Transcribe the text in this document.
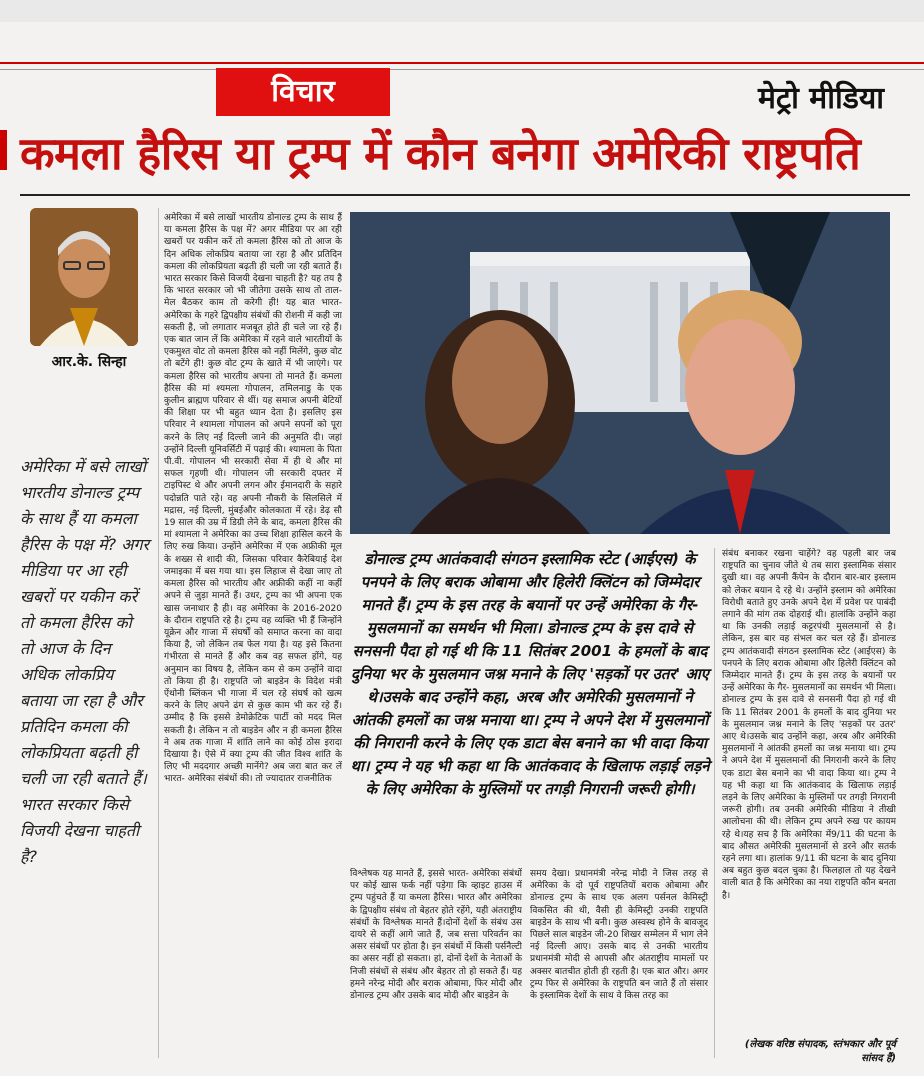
विचार	मेट्रो मीडिया
कमला हैरिस या ट्रम्प में कौन बनेगा अमेरिकी राष्ट्रपति
आर.के. सिन्हा
अमेरिका में बसे लाखों भारतीय डोनाल्ड ट्रम्प के साथ हैं या कमला हैरिस के पक्ष में? अगर मीडिया पर आ रही खबरों पर यकीन करें तो कमला हैरिस को तो आज के दिन अधिक लोकप्रिय बताया जा रहा है और प्रतिदिन कमला की लोकप्रियता बढ़ती ही चली जा रही बताते हैं। भारत सरकार किसे विजयी देखना चाहती है?
अमेरिका में बसे लाखों भारतीय डोनाल्ड ट्रम्प के साथ हैं या कमला हैरिस के पक्ष में? अगर मीडिया पर आ रही खबरों पर यकीन करें तो कमला हैरिस को तो आज के दिन अधिक लोकप्रिय बताया जा रहा है और प्रतिदिन कमला की लोकप्रियता बढ़ती ही चली जा रही बताते हैं। भारत सरकार किसे विजयी देखना चाहती है? यह तय है कि भारत सरकार जो भी जीतेगा उसके साथ तो ताल- मेल बैठकर काम तो करेगी ही! यह बात भारत- अमेरिका के गहरे द्विपक्षीय संबंधों की रोशनी में कही जा सकती है, जो लगातार मजबूत होते ही चले जा रहे हैं। एक बात जान लें कि अमेरिका में रहने वाले भारतीयों के एकमुश्त वोट तो कमला हैरिस को नहीं मिलेंगे, कुछ वोट तो बटेंगे ही! कुछ वोट ट्रम्प के खाते में भी जाएंगे। पर कमला हैरिस को भारतीय अपना तो मानते हैं। कमला हैरिस की मां श्यमला गोपालन, तमिलनाडु के एक कुलीन ब्राह्मण परिवार से थीं। यह समाज अपनी बेटियों की शिक्षा पर भी बहुत ध्यान देता है। इसलिए इस परिवार ने श्यामला गोपालन को अपने सपनों को पूरा करने के लिए नई दिल्ली जाने की अनुमति दी। जहां उन्होंने दिल्ली यूनिवर्सिटी में पढ़ाई की। श्यामला के पिता पी.वी. गोपालन भी सरकारी सेवा में ही थे और मां सफल गृहणी थी। गोपालन जी सरकारी दफ्तर में टाइपिस्ट थे और अपनी लगन और ईमानदारी के सहारे पदोन्नति पाते रहे। वह अपनी नौकरी के सिलसिले में मद्रास, नई दिल्ली, मुंबईऔर कोलकाता में रहे। डेढ़ सौ 19 साल की उम्र में डिग्री लेने के बाद, कमला हैरिस की मां श्यामला ने अमेरिका का उच्च शिक्षा हासिल करने के लिए रुख किया। उन्होंने अमेरिका में एक अफ्रीकी मूल के शख्स से शादी की, जिसका परिवार कैरेबियाई देश जमाइका में बस गया था। इस लिहाज से देखा जाए तो कमला हैरिस को भारतीय और अफ्रीकी कहीं ना कहीं अपने से जुड़ा मानते हैं। उधर, ट्रम्प का भी अपना एक खास जनाधार है ही। वह अमेरिका के 2016-2020 के दौरान राष्ट्रपति रहे है। ट्रम्प वह व्यक्ति भी हैं जिन्होंने यूक्रेन और गाजा में संघर्षों को समाप्त करना का वादा किया है, जो लेकिन तब फेल गया है। यह इसे कितना गंभीरता से मानते हैं और कब वह सफल होंगे, यह अनुमान का विषय है, लेकिन कम से कम उन्होंने वादा तो किया ही है। राष्ट्रपति जो बाइडेन के विदेश मंत्री ऐंथोनी ब्लिंकन भी गाजा में चल रहे संघर्ष को खत्म करने के लिए अपने ढंग से कुछ काम भी कर रहे हैं। उम्मीद है कि इससे डेमोक्रेटिक पार्टी को मदद मिल सकती है। लेकिन न तो बाइडेन और न ही कमला हैरिस ने अब तक गाजा में शांति लाने का कोई ठोस इरादा दिखाया है। ऐसे में क्या ट्रम्प की जीत विश्व शांति के लिए भी मददगार अच्छी मानेंगे? अब जरा बात कर लें भारत- अमेरिका संबंधों की। तो ज्यादातर राजनीतिक
डोनाल्ड ट्रम्प आतंकवादी संगठन इस्लामिक स्टेट (आईएस) के पनपने के लिए बराक ओबामा और हिलेरी क्लिंटन को जिम्मेदार मानते हैं। ट्रम्प के इस तरह के बयानों पर उन्हें अमेरिका के गैर- मुसलमानों का समर्थन भी मिला। डोनाल्ड ट्रम्प के इस दावे से सनसनी पैदा हो गई थी कि 11 सितंबर 2001 के हमलों के बाद दुनिया भर के मुसलमान जश्न मनाने के लिए 'सड़कों पर उतर' आए थे।उसके बाद उन्होंने कहा, अरब और अमेरिकी मुसलमानों ने आंतकी हमलों का जश्न मनाया था। ट्रम्प ने अपने देश में मुसलमानों की निगरानी करने के लिए एक डाटा बेस बनाने का भी वादा किया था। ट्रम्प ने यह भी कहा था कि आतंकवाद के खिलाफ लड़ाई लड़ने के लिए अमेरिका के मुस्लिमों पर तगड़ी निगरानी जरूरी होगी।
विश्लेषक यह मानते हैं, इससे भारत- अमेरिका संबंधों पर कोई खास फर्क नहीं पड़ेगा कि व्हाइट हाउस में ट्रम्प पहुंचते हैं या कमला हैरिस। भारत और अमेरिका के द्विपक्षीय संबंध तो बेहतर होते रहेंगे, यही अंतराष्ट्रीय संबंधों के विश्लेषक मानते हैं।दोनों देशों के संबंध उस दायरे से कहीं आगे जाते हैं, जब सत्ता परिवर्तन का असर संबंधों पर होता है। इन संबंधों में किसी पर्सनैल्टी का असर नहीं हो सकता। हां, दोनों देशों के नेताओं के निजी संबंधों से संबंध और बेहतर तो हो सकते हैं। यह हमने नरेन्द्र मोदी और बराक ओबामा, फिर मोदी और डोनाल्ड ट्रम्प और उसके बाद मोदी और बाइडेन के
समय देखा। प्रधानमंत्री नरेन्द्र मोदी ने जिस तरह से अमेरिका के दो पूर्व राष्ट्रपतियों बराक ओबामा और डोनाल्ड ट्रम्प के साथ एक अलग पर्सनल केमिस्ट्री विकसित की थी, वैसी ही केमिस्ट्री उनकी राष्ट्रपति बाइडेन के साथ भी बनी। कुछ अस्वस्थ होने के बावजूद पिछले साल बाइडेन जी-20 शिखर सम्मेलन में भाग लेने नई दिल्ली आए। उसके बाद से उनकी भारतीय प्रधानमंत्री मोदी से आपसी और अंतराष्ट्रीय मामलों पर अक्सर बातचीत होती ही रहती है। एक बात और। अगर ट्रम्प फिर से अमेरिका के राष्ट्रपति बन जाते हैं तो संसार के इस्लामिक देशों के साथ वे किस तरह का
संबंध बनाकर रखना चाहेंगे? वह पहली बार जब राष्ट्रपति का चुनाव जीते थे तब सारा इस्लामिक संसार दुखी था। वह अपनी कैंपेन के दौरान बार-बार इस्लाम को लेकर बयान दे रहे थे। उन्होंने इस्लाम को अमेरिका विरोधी बताते हुए उनके अपने देश में प्रवेश पर पाबंदी लगाने की मांग तक दोहराई थी। हालांकि उन्होंने कहा था कि उनकी लड़ाई कट्टरपंथी मुसलमानों से है। लेकिन, इस बार वह संभल कर चल रहे हैं। डोनाल्ड ट्रम्प आतंकवादी संगठन इस्लामिक स्टेट (आईएस) के पनपने के लिए बराक ओबामा और हिलेरी क्लिंटन को जिम्मेदार मानते हैं। ट्रम्प के इस तरह के बयानों पर उन्हें अमेरिका के गैर- मुसलमानों का समर्थन भी मिला। डोनाल्ड ट्रम्प के इस दावे से सनसनी पैदा हो गई थी कि 11 सितंबर 2001 के हमलों के बाद दुनिया भर के मुसलमान जश्न मनाने के लिए 'सड़कों पर उतर' आए थे।उसके बाद उन्होंने कहा, अरब और अमेरिकी मुसलमानों ने आंतकी हमलों का जश्न मनाया था। ट्रम्प ने अपने देश में मुसलमानों की निगरानी करने के लिए एक डाटा बेस बनाने का भी वादा किया था। ट्रम्प ने यह भी कहा था कि आतंकवाद के खिलाफ लड़ाई लड़ने के लिए अमेरिका के मुस्लिमों पर तगड़ी निगरानी जरूरी होगी। तब उनकी अमेरिकी मीडिया ने तीखी आलोचना की थी। लेकिन ट्रम्प अपने रुख पर कायम रहे थे।यह सच है कि अमेरिका में9/11 की घटना के बाद औसत अमेरिकी मुसलमानों से डरने और सतर्क रहने लगा था। हालांक 9/11 की घटना के बाद दुनिया अब बहुत कुछ बदल चुका है। फिलहाल तो यह देखने वाली बात है कि अमेरिका का नया राष्ट्रपति कौन बनता है।
(लेखक वरिष्ठ संपादक, स्तंभकार और पूर्व सांसद हैं)
